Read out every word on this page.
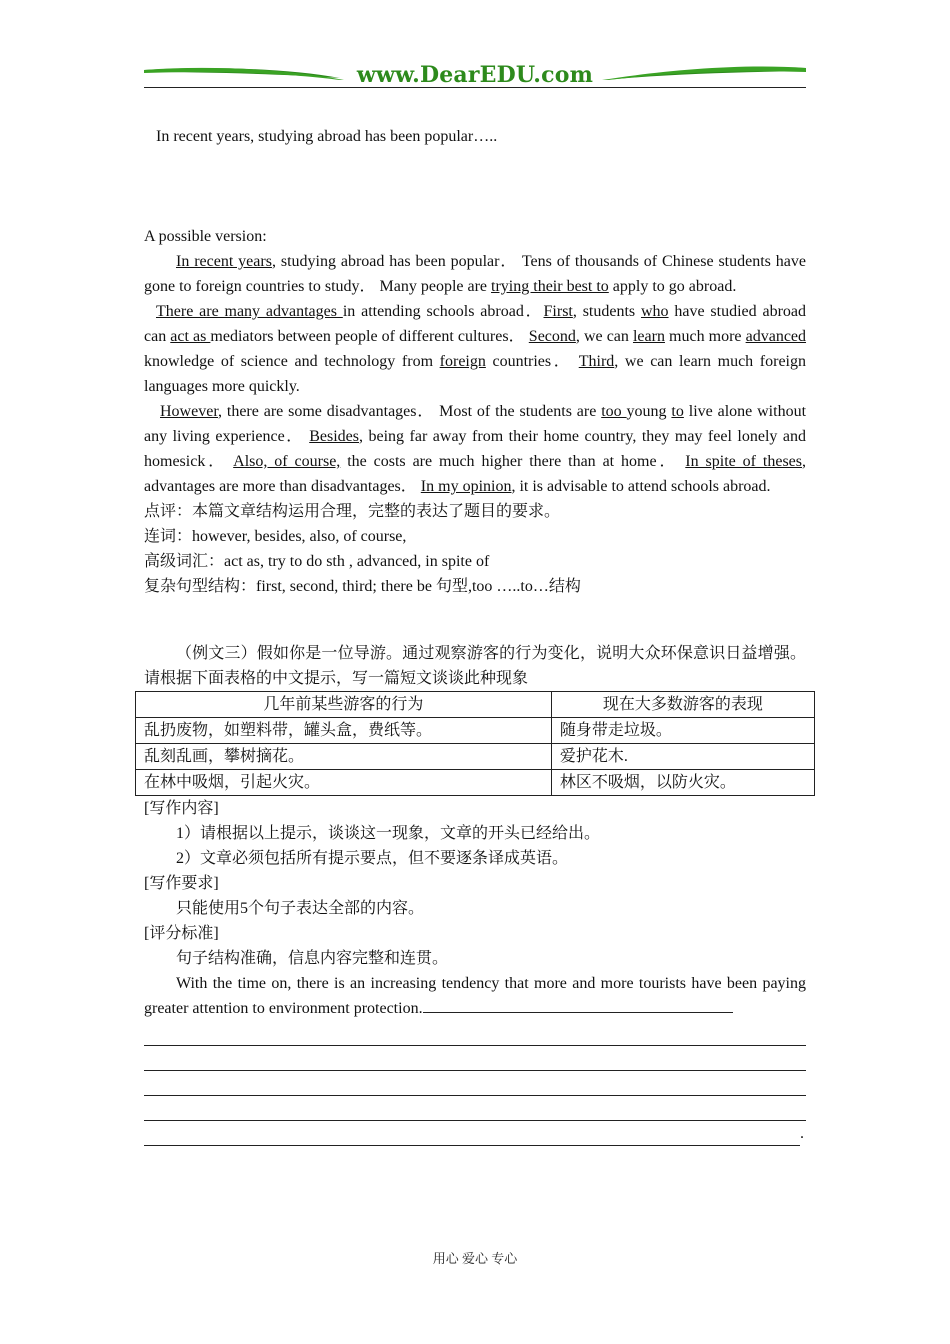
www.DearEDU.com

In recent years, studying abroad has been popular…..

A possible version:

In recent years, studying abroad has been popular． Tens of thousands of Chinese students have gone to foreign countries to study． Many people are trying their best to apply to go abroad.

There are many advantages in attending schools abroad．First, students who have studied abroad can act as mediators between people of different cultures． Second, we can learn much more advanced knowledge of science and technology from foreign countries． Third, we can learn much foreign languages more quickly.

However, there are some disadvantages． Most of the students are too young to live alone without any living experience． Besides, being far away from their home country, they may feel lonely and homesick． Also, of course, the costs are much higher there than at home． In spite of theses, advantages are more than disadvantages． In my opinion, it is advisable to attend schools abroad.

点评：本篇文章结构运用合理，完整的表达了题目的要求。

连词：however, besides, also, of course,

高级词汇：act as, try to do sth , advanced, in spite of

复杂句型结构：first, second, third; there be 句型,too …..to…结构

（例文三）假如你是一位导游。通过观察游客的行为变化，说明大众环保意识日益增强。请根据下面表格的中文提示，写一篇短文谈谈此种现象

几年前某些游客的行为	现在大多数游客的表现
乱扔废物，如塑料带，罐头盒，费纸等。	随身带走垃圾。
乱刻乱画，攀树摘花。	爱护花木.
在林中吸烟，引起火灾。	林区不吸烟，以防火灾。

[写作内容]

1）请根据以上提示，谈谈这一现象，文章的开头已经给出。

2）文章必须包括所有提示要点，但不要逐条译成英语。

[写作要求]

只能使用5个句子表达全部的内容。

[评分标准]

句子结构准确，信息内容完整和连贯。

With the time on, there is an increasing tendency that more and more tourists have been paying greater attention to environment protection.

.
用心 爱心 专心
